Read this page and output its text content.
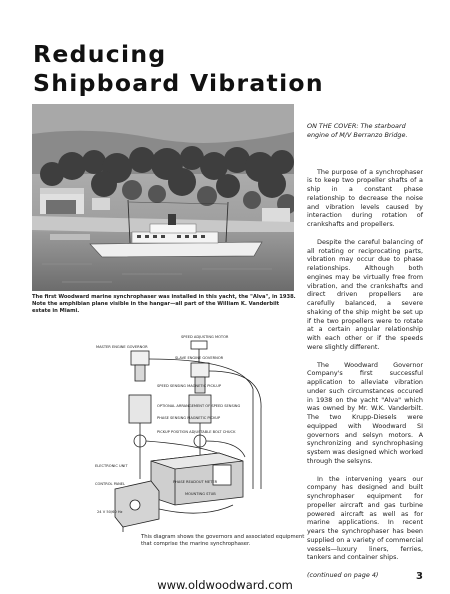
Reducing
Shipboard Vibration
The first Woodward marine synchrophaser was installed in this yacht, the "Alva", in 1938. Note the amphibian plane visible in the hangar—all part of the William K. Vanderbilt estate in Miami.
SPEED ADJUSTING MOTOR
MASTER ENGINE GOVERNOR
SLAVE ENGINE GOVERNOR
SPEED SENSING MAGNETIC PICK-UP
OPTIONAL ARRANGEMENT OF SPEED SENSING
PHASE SENSING MAGNETIC PICKUP
PICKUP POSITION ADJUSTABLE BOLT CHUCK
ELECTRONIC UNIT
CONTROL PANEL	PHASE READOUT METER
MOUNTING STUB
24 V 50/60 Hz
This diagram shows the governors and associated equipment that comprise the marine synchrophaser.
ON THE COVER: The starboard engine of M/V Berranzo Bridge.

The purpose of a synchrophaser is to keep two propeller shafts of a ship in a constant phase relationship to decrease the noise and vibration levels caused by interaction during rotation of crankshafts and propellers.

Despite the careful balancing of all rotating or reciprocating parts, vibration may occur due to phase relationships. Although both engines may be virtually free from vibration, and the crankshafts and direct driven propellers are carefully balanced, a severe shaking of the ship might be set up if the two propellers were to rotate at a certain angular relationship with each other or if the speeds were slightly different.

The Woodward Governor Company's first successful application to alleviate vibration under such circumstances occured in 1938 on the yacht "Alva" which was owned by Mr. W.K. Vanderbilt. The two Krupp-Diesels were equipped with Woodward SI governors and selsyn motors. A synchronizing and synchrophasing system was designed which worked through the selsyns.

In the intervening years our company has designed and built synchrophaser equipment for propeller aircraft and gas turbine powered aircraft as well as for marine applications. In recent years the synchrophaser has been supplied on a variety of commercial vessels—luxury liners, ferries, tankers and container ships.

(continued on page 4)

www.oldwoodward.com
3
